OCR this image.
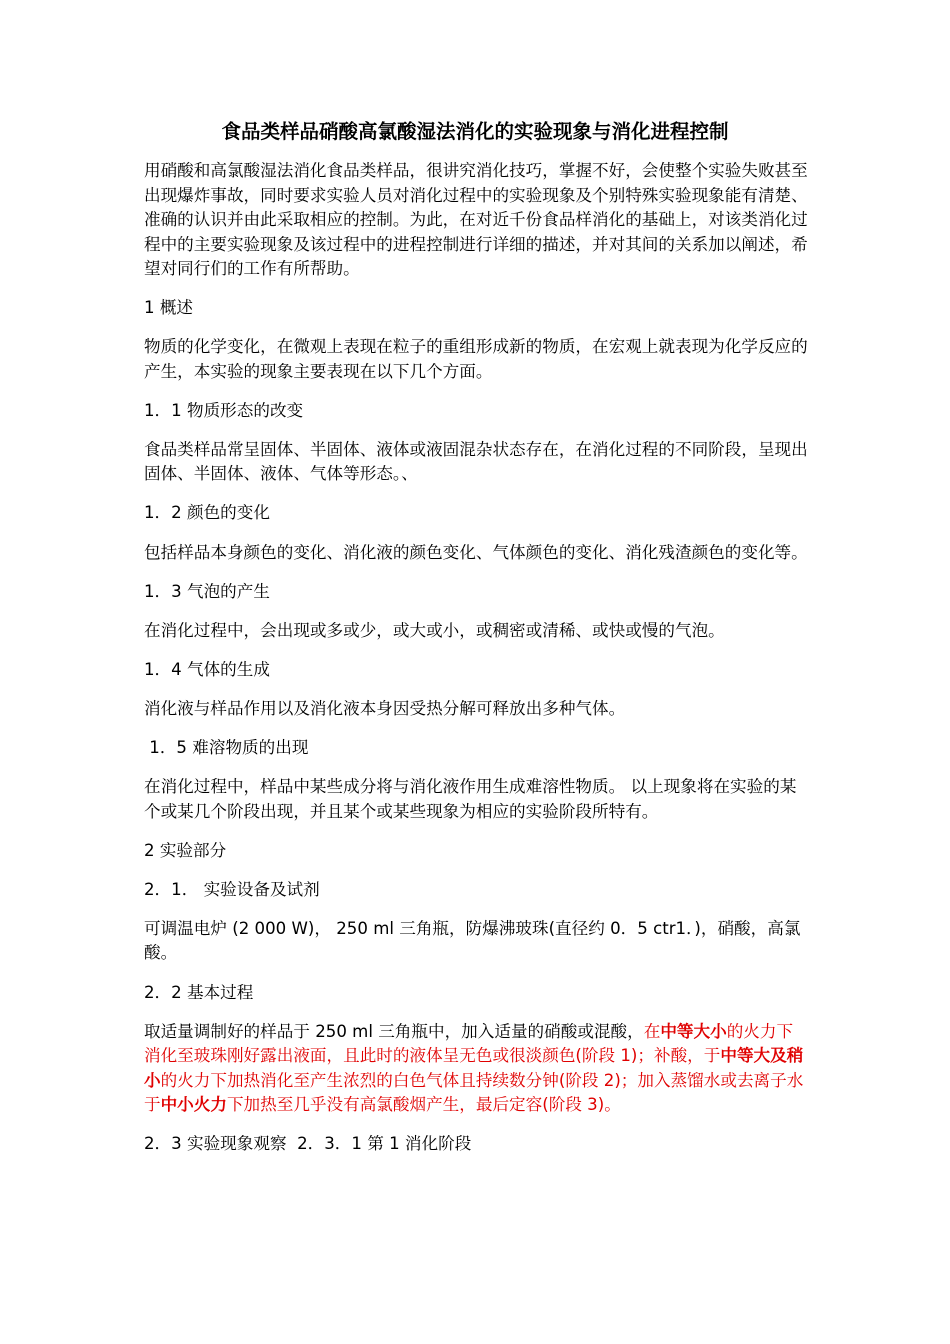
食品类样品硝酸高氯酸湿法消化的实验现象与消化进程控制

用硝酸和高氯酸湿法消化食品类样品，很讲究消化技巧，掌握不好，会使整个实验失败甚至出现爆炸事故，同时要求实验人员对消化过程中的实验现象及个别特殊实验现象能有清楚、准确的认识并由此采取相应的控制。为此，在对近千份食品样消化的基础上，对该类消化过程中的主要实验现象及该过程中的进程控制进行详细的描述，并对其间的关系加以阐述，希望对同行们的工作有所帮助。

1 概述

物质的化学变化，在微观上表现在粒子的重组形成新的物质，在宏观上就表现为化学反应的产生，本实验的现象主要表现在以下几个方面。

1．1 物质形态的改变

食品类样品常呈固体、半固体、液体或液固混杂状态存在，在消化过程的不同阶段，呈现出固体、半固体、液体、气体等形态。、

1．2 颜色的变化

包括样品本身颜色的变化、消化液的颜色变化、气体颜色的变化、消化残渣颜色的变化等。

1．3 气泡的产生

在消化过程中，会出现或多或少，或大或小，或稠密或清稀、或快或慢的气泡。

1．4 气体的生成

消化液与样品作用以及消化液本身因受热分解可释放出多种气体。

1．5 难溶物质的出现

在消化过程中，样品中某些成分将与消化液作用生成难溶性物质。 以上现象将在实验的某个或某几个阶段出现，并且某个或某些现象为相应的实验阶段所特有。

2 实验部分

2．1． 实验设备及试剂

可调温电炉 (2 000 W)， 250 ml 三角瓶，防爆沸玻珠(直径约 0．5 ctr1．)，硝酸，高氯酸。

2．2 基本过程

取适量调制好的样品于 250 ml 三角瓶中，加入适量的硝酸或混酸，在中等大小的火力下消化至玻珠刚好露出液面，且此时的液体呈无色或很淡颜色(阶段 1)；补酸，于中等大及稍小的火力下加热消化至产生浓烈的白色气体且持续数分钟(阶段 2)；加入蒸馏水或去离子水于中小火力下加热至几乎没有高氯酸烟产生，最后定容(阶段 3)。

2．3 实验现象观察  2．3．1 第 1 消化阶段
